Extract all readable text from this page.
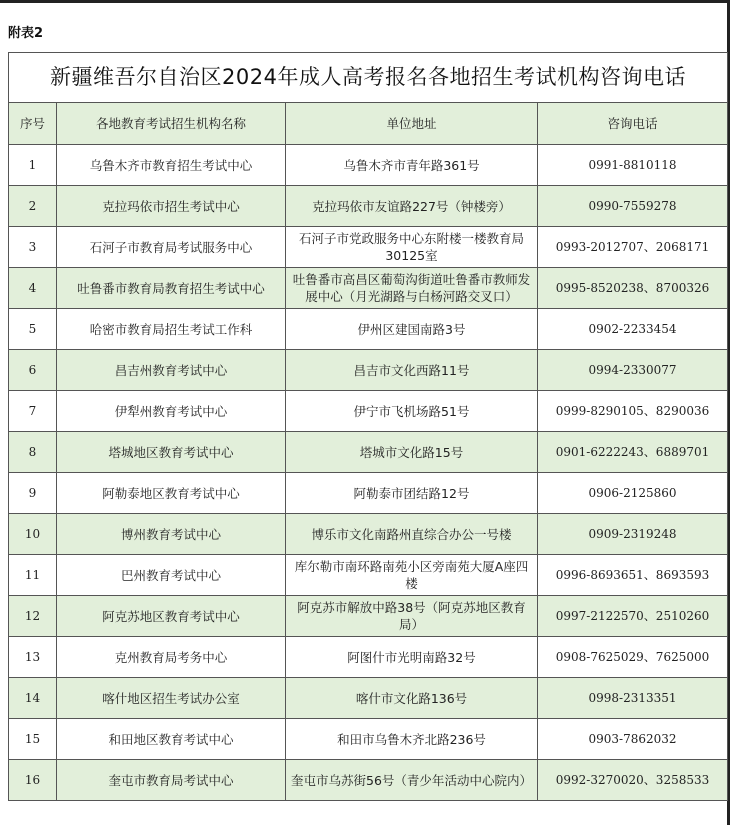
附表2
新疆维吾尔自治区2024年成人高考报名各地招生考试机构咨询电话			
序号	各地教育考试招生机构名称	单位地址	咨询电话
1	乌鲁木齐市教育招生考试中心	乌鲁木齐市青年路361号	0991-8810118
2	克拉玛依市招生考试中心	克拉玛依市友谊路227号（钟楼旁）	0990-7559278
3	石河子市教育局考试服务中心	石河子市党政服务中心东附楼一楼教育局30125室	0993-2012707、2068171
4	吐鲁番市教育局教育招生考试中心	吐鲁番市高昌区葡萄沟街道吐鲁番市教师发展中心（月光湖路与白杨河路交叉口）	0995-8520238、8700326
5	哈密市教育局招生考试工作科	伊州区建国南路3号	0902-2233454
6	昌吉州教育考试中心	昌吉市文化西路11号	0994-2330077
7	伊犁州教育考试中心	伊宁市飞机场路51号	0999-8290105、8290036
8	塔城地区教育考试中心	塔城市文化路15号	0901-6222243、6889701
9	阿勒泰地区教育考试中心	阿勒泰市团结路12号	0906-2125860
10	博州教育考试中心	博乐市文化南路州直综合办公一号楼	0909-2319248
11	巴州教育考试中心	库尔勒市南环路南苑小区旁南苑大厦A座四楼	0996-8693651、8693593
12	阿克苏地区教育考试中心	阿克苏市解放中路38号（阿克苏地区教育局）	0997-2122570、2510260
13	克州教育局考务中心	阿图什市光明南路32号	0908-7625029、7625000
14	喀什地区招生考试办公室	喀什市文化路136号	0998-2313351
15	和田地区教育考试中心	和田市乌鲁木齐北路236号	0903-7862032
16	奎屯市教育局考试中心	奎屯市乌苏街56号（青少年活动中心院内）	0992-3270020、3258533
